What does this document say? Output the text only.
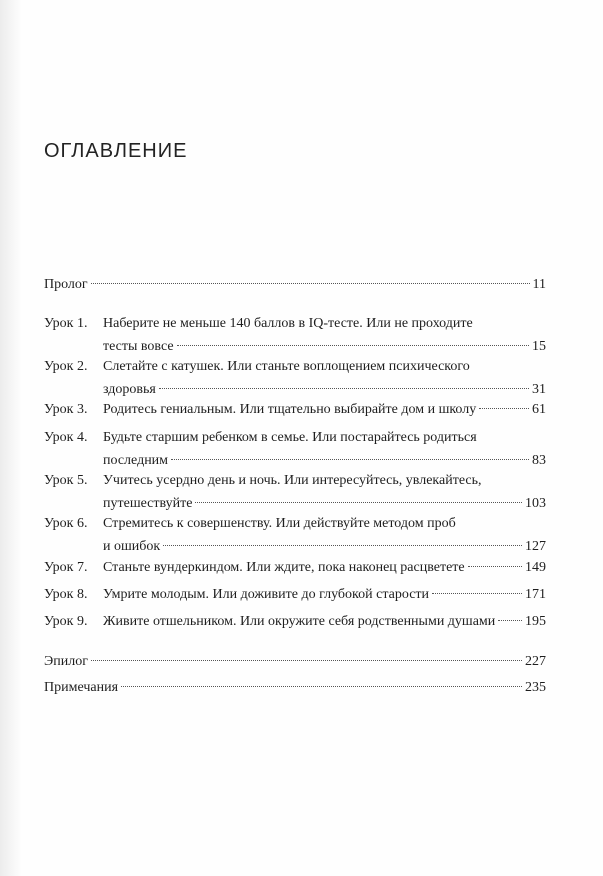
ОГЛАВЛЕНИЕ
Пролог	11
Урок 1. Наберите не меньше 140 баллов в IQ-тесте. Или не проходите
тесты вовсе	15
Урок 2. Слетайте с катушек. Или станьте воплощением психического
здоровья	31
Урок 3. Родитесь гениальным. Или тщательно выбирайте дом и школу	61
Урок 4. Будьте старшим ребенком в семье. Или постарайтесь родиться
последним	83
Урок 5. Учитесь усердно день и ночь. Или интересуйтесь, увлекайтесь,
путешествуйте	103
Урок 6. Стремитесь к совершенству. Или действуйте методом проб
и ошибок	127
Урок 7. Станьте вундеркиндом. Или ждите, пока наконец расцветете	149
Урок 8. Умрите молодым. Или доживите до глубокой старости	171
Урок 9. Живите отшельником. Или окружите себя родственными душами 195
Эпилог	227
Примечания	235
